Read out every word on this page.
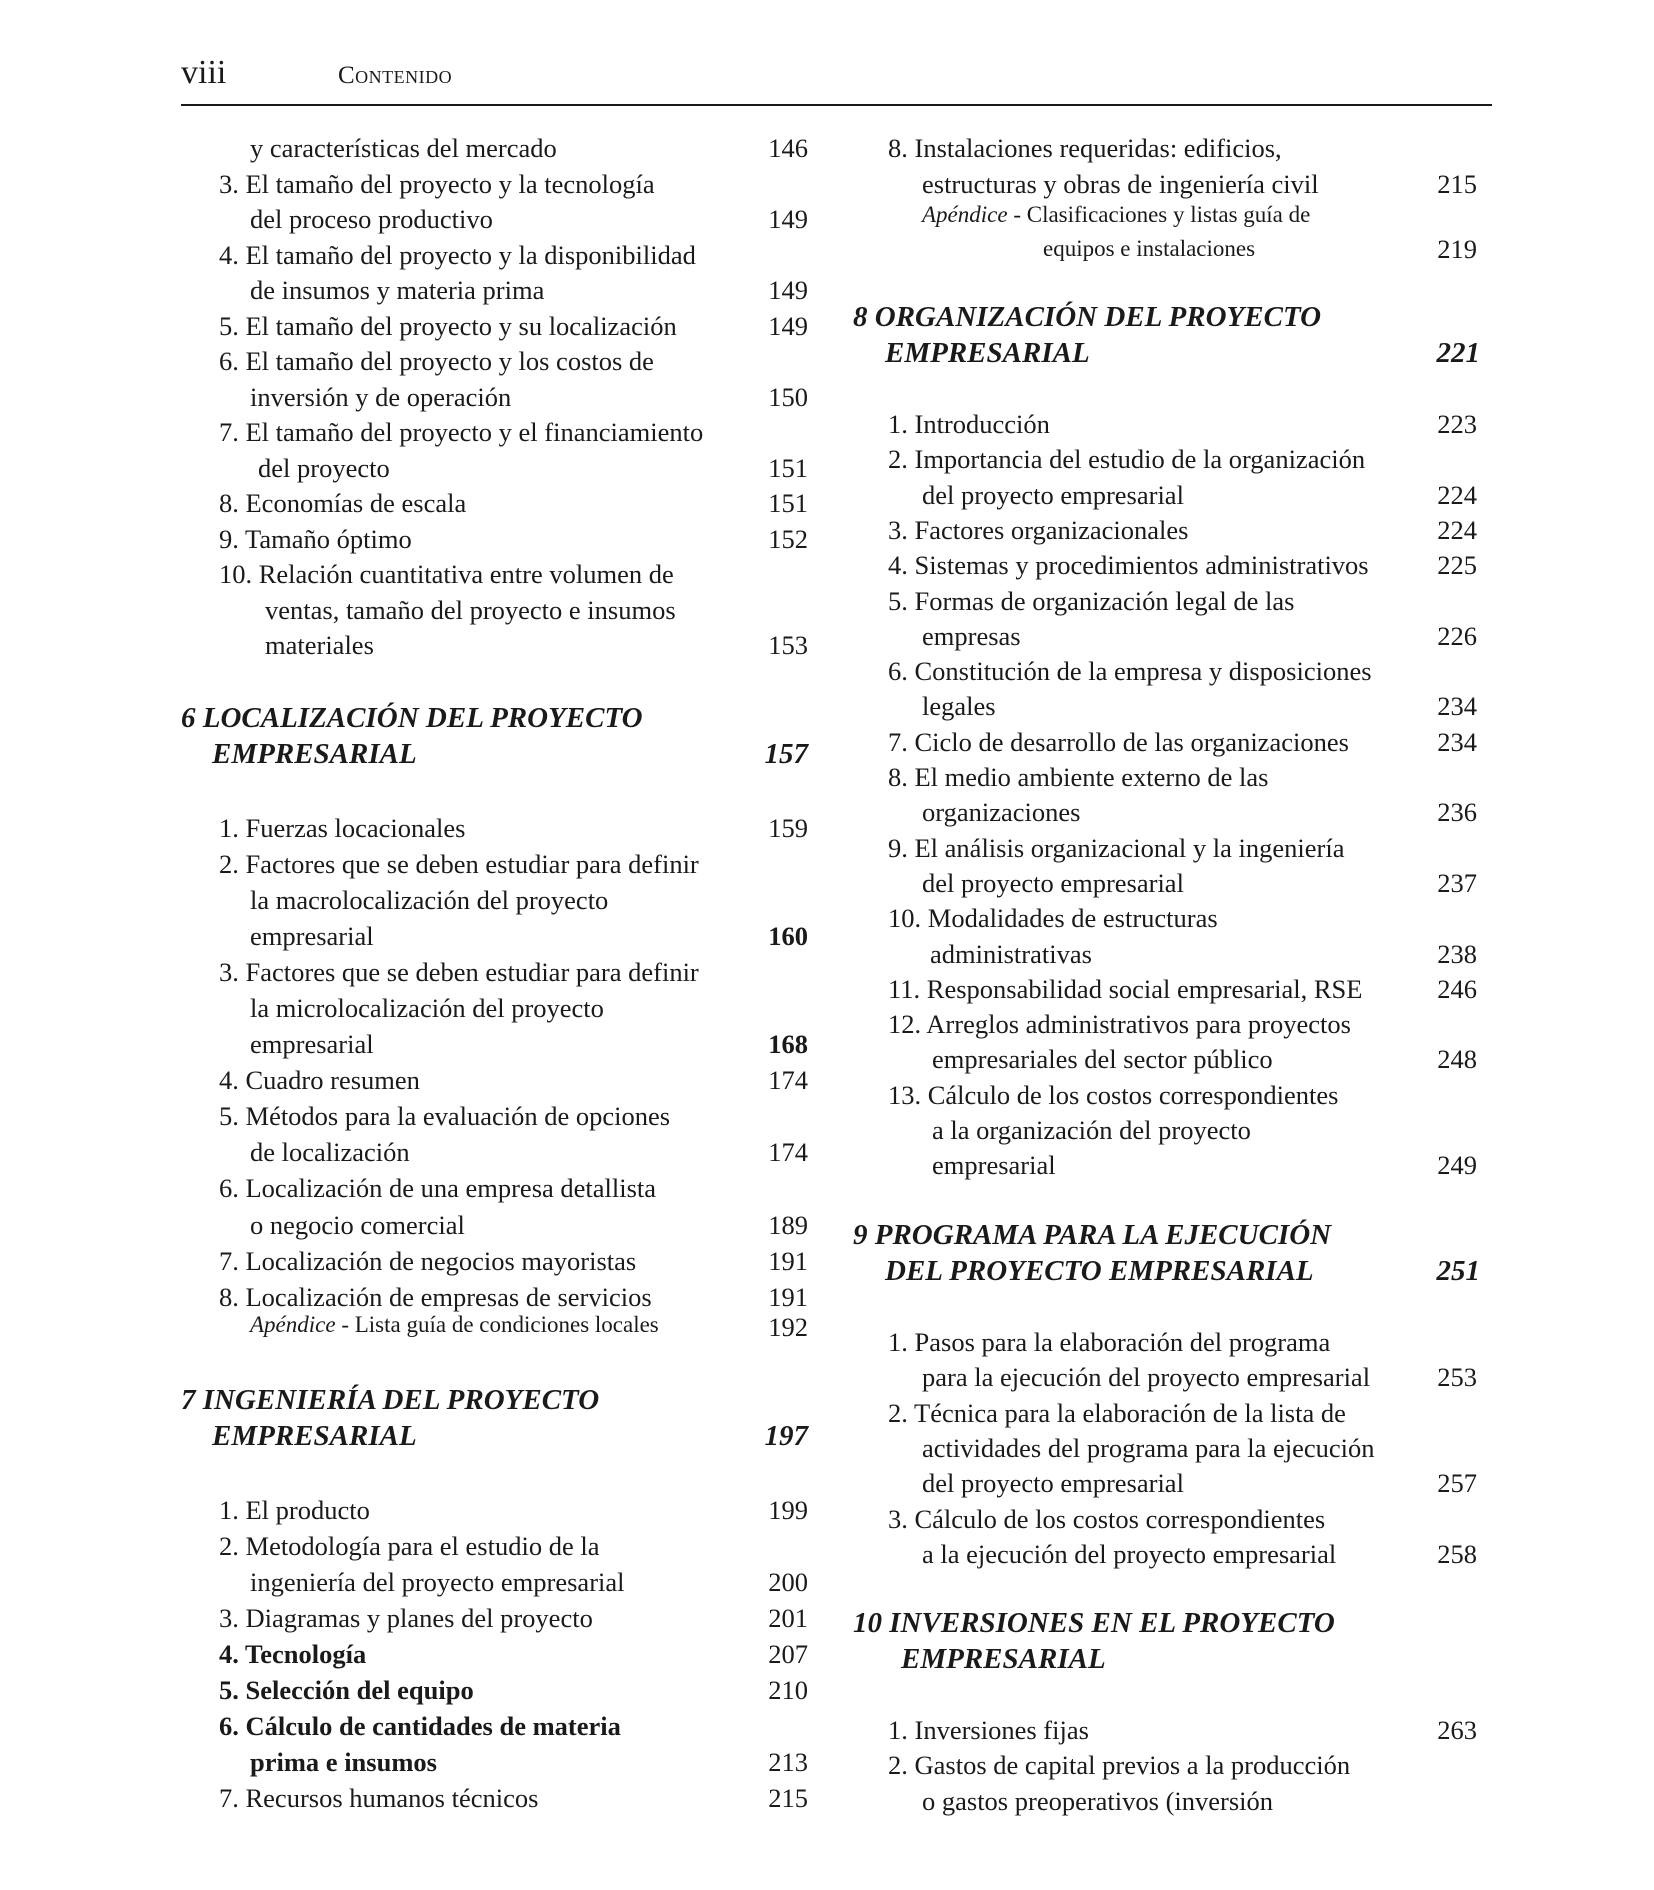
viii	Contenido
y características del mercado	146
3. El tamaño del proyecto y la tecnología
del proceso productivo	149
4. El tamaño del proyecto y la disponibilidad
de insumos y materia prima	149
5. El tamaño del proyecto y su localización	149
6. El tamaño del proyecto y los costos de
inversión y de operación	150
7. El tamaño del proyecto y el financiamiento
del proyecto	151
8. Economías de escala	151
9. Tamaño óptimo	152
10. Relación cuantitativa entre volumen de
ventas, tamaño del proyecto e insumos
materiales	153
6 LOCALIZACIÓN DEL PROYECTO
EMPRESARIAL	157
1. Fuerzas locacionales	159
2. Factores que se deben estudiar para definir
la macrolocalización del proyecto
empresarial	160
3. Factores que se deben estudiar para definir
la microlocalización del proyecto
empresarial	168
4. Cuadro resumen	174
5. Métodos para la evaluación de opciones
de localización	174
6. Localización de una empresa detallista
o negocio comercial	189
7. Localización de negocios mayoristas	191
8. Localización de empresas de servicios	191
Apéndice - Lista guía de condiciones locales	192
7 INGENIERÍA DEL PROYECTO
EMPRESARIAL	197
1. El producto	199
2. Metodología para el estudio de la
ingeniería del proyecto empresarial	200
3. Diagramas y planes del proyecto	201
4. Tecnología	207
5. Selección del equipo	210
6. Cálculo de cantidades de materia
prima e insumos	213
7. Recursos humanos técnicos	215
8. Instalaciones requeridas: edificios,
estructuras y obras de ingeniería civil	215
Apéndice - Clasificaciones y listas guía de
equipos e instalaciones	219
8 ORGANIZACIÓN DEL PROYECTO
EMPRESARIAL	221
1. Introducción	223
2. Importancia del estudio de la organización
del proyecto empresarial	224
3. Factores organizacionales	224
4. Sistemas y procedimientos administrativos	225
5. Formas de organización legal de las
empresas	226
6. Constitución de la empresa y disposiciones
legales	234
7. Ciclo de desarrollo de las organizaciones	234
8. El medio ambiente externo de las
organizaciones	236
9. El análisis organizacional y la ingeniería
del proyecto empresarial	237
10. Modalidades de estructuras
administrativas	238
11. Responsabilidad social empresarial, RSE	246
12. Arreglos administrativos para proyectos
empresariales del sector público	248
13. Cálculo de los costos correspondientes
a la organización del proyecto
empresarial	249
9 PROGRAMA PARA LA EJECUCIÓN
DEL PROYECTO EMPRESARIAL	251
1. Pasos para la elaboración del programa
para la ejecución del proyecto empresarial	253
2. Técnica para la elaboración de la lista de
actividades del programa para la ejecución
del proyecto empresarial	257
3. Cálculo de los costos correspondientes
a la ejecución del proyecto empresarial	258
10 INVERSIONES EN EL PROYECTO
EMPRESARIAL
1. Inversiones fijas	263
2. Gastos de capital previos a la producción
o gastos preoperativos (inversión
